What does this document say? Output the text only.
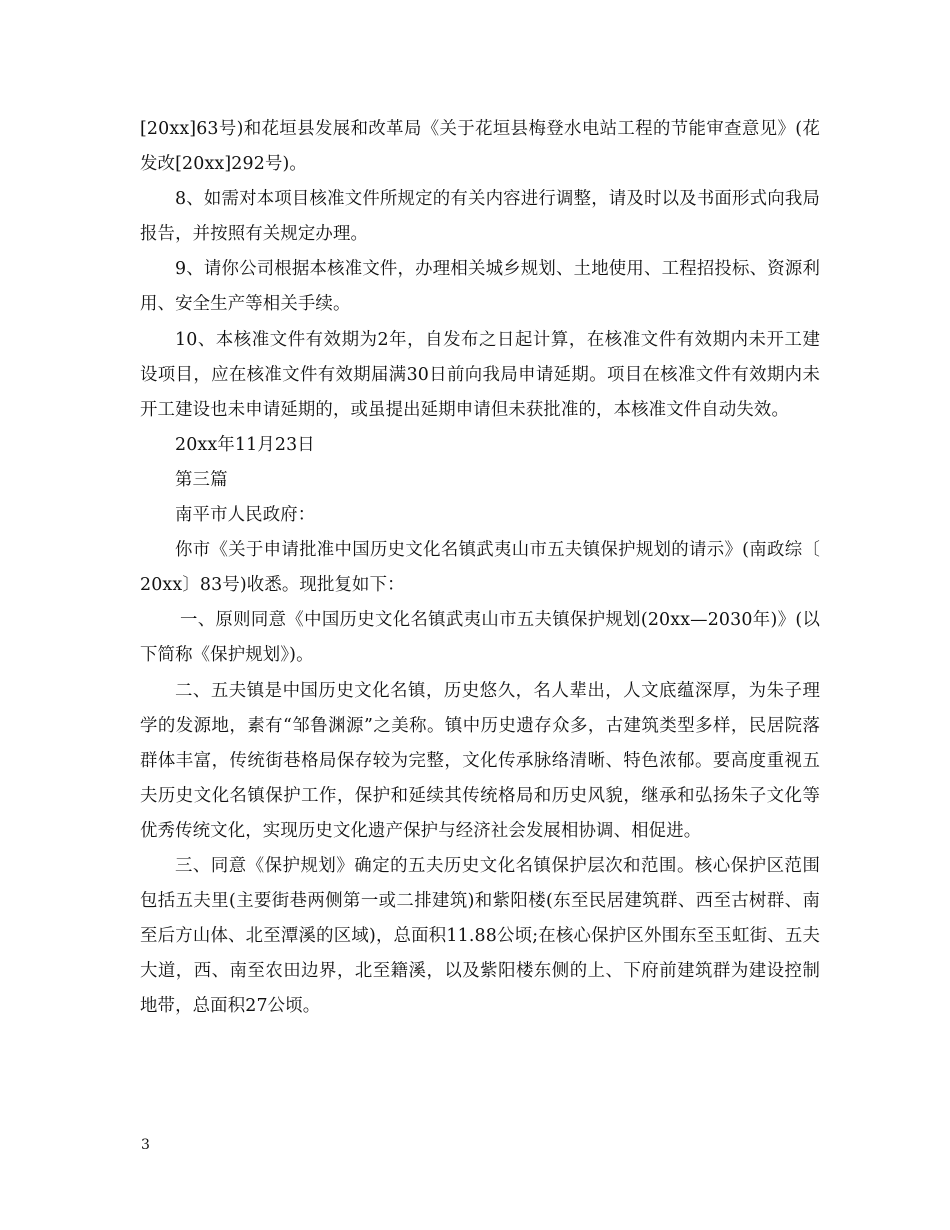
[20xx]63号)和花垣县发展和改革局《关于花垣县梅登水电站工程的节能审查意见》(花发改[20xx]292号)。

8、如需对本项目核准文件所规定的有关内容进行调整，请及时以及书面形式向我局报告，并按照有关规定办理。

9、请你公司根据本核准文件，办理相关城乡规划、土地使用、工程招投标、资源利用、安全生产等相关手续。

10、本核准文件有效期为2年，自发布之日起计算，在核准文件有效期内未开工建设项目，应在核准文件有效期届满30日前向我局申请延期。项目在核准文件有效期内未开工建设也未申请延期的，或虽提出延期申请但未获批准的，本核准文件自动失效。

20xx年11月23日

第三篇

南平市人民政府：

你市《关于申请批准中国历史文化名镇武夷山市五夫镇保护规划的请示》(南政综〔20xx〕83号)收悉。现批复如下：

一、原则同意《中国历史文化名镇武夷山市五夫镇保护规划(20xx—2030年)》(以下简称《保护规划》)。

二、五夫镇是中国历史文化名镇，历史悠久，名人辈出，人文底蕴深厚，为朱子理学的发源地，素有“邹鲁渊源”之美称。镇中历史遗存众多，古建筑类型多样，民居院落群体丰富，传统街巷格局保存较为完整，文化传承脉络清晰、特色浓郁。要高度重视五夫历史文化名镇保护工作，保护和延续其传统格局和历史风貌，继承和弘扬朱子文化等优秀传统文化，实现历史文化遗产保护与经济社会发展相协调、相促进。

三、同意《保护规划》确定的五夫历史文化名镇保护层次和范围。核心保护区范围包括五夫里(主要街巷两侧第一或二排建筑)和紫阳楼(东至民居建筑群、西至古树群、南至后方山体、北至潭溪的区域)，总面积11.88公顷;在核心保护区外围东至玉虹街、五夫大道，西、南至农田边界，北至籍溪，以及紫阳楼东侧的上、下府前建筑群为建设控制地带，总面积27公顷。

3
